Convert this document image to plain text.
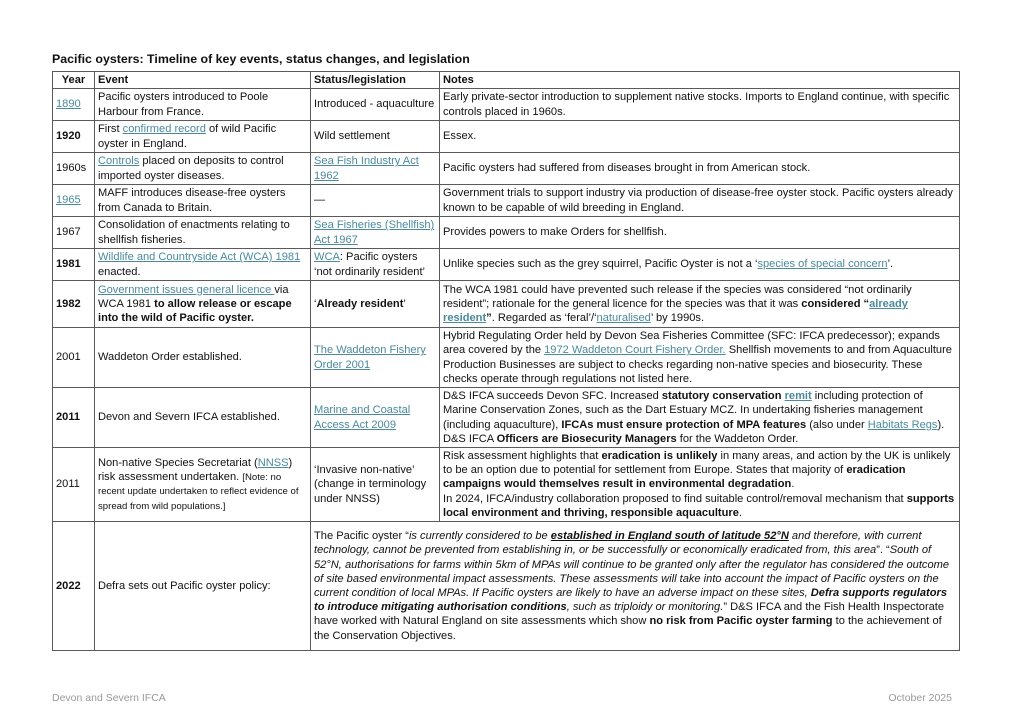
Pacific oysters: Timeline of key events, status changes, and legislation
Year	Event	Status/legislation	Notes
1890	Pacific oysters introduced to Poole Harbour from France.	Introduced - aquaculture	Early private-sector introduction to supplement native stocks. Imports to England continue, with specific controls placed in 1960s.
1920	First confirmed record of wild Pacific oyster in England.	Wild settlement	Essex.
1960s	Controls placed on deposits to control imported oyster diseases.	Sea Fish Industry Act 1962	Pacific oysters had suffered from diseases brought in from American stock.
1965	MAFF introduces disease-free oysters from Canada to Britain.	—	Government trials to support industry via production of disease-free oyster stock. Pacific oysters already known to be capable of wild breeding in England.
1967	Consolidation of enactments relating to shellfish fisheries.	Sea Fisheries (Shellfish) Act 1967	Provides powers to make Orders for shellfish.
1981	Wildlife and Countryside Act (WCA) 1981 enacted.	WCA: Pacific oysters ‘not ordinarily resident’	Unlike species such as the grey squirrel, Pacific Oyster is not a ‘species of special concern’.
1982	Government issues general licence via WCA 1981 to allow release or escape into the wild of Pacific oyster.	‘Already resident’	The WCA 1981 could have prevented such release if the species was considered “not ordinarily resident”; rationale for the general licence for the species was that it was considered “already resident”. Regarded as ‘feral’/‘naturalised’ by 1990s.
2001	Waddeton Order established.	The Waddeton Fishery Order 2001	Hybrid Regulating Order held by Devon Sea Fisheries Committee (SFC: IFCA predecessor); expands area covered by the 1972 Waddeton Court Fishery Order. Shellfish movements to and from Aquaculture Production Businesses are subject to checks regarding non-native species and biosecurity. These checks operate through regulations not listed here.
2011	Devon and Severn IFCA established.	Marine and Coastal Access Act 2009	D&S IFCA succeeds Devon SFC. Increased statutory conservation remit including protection of Marine Conservation Zones, such as the Dart Estuary MCZ. In undertaking fisheries management (including aquaculture), IFCAs must ensure protection of MPA features (also under Habitats Regs). D&S IFCA Officers are Biosecurity Managers for the Waddeton Order.
2011	Non-native Species Secretariat (NNSS) risk assessment undertaken. [Note: no recent update undertaken to reflect evidence of spread from wild populations.]	‘Invasive non-native’ (change in terminology under NNSS)	Risk assessment highlights that eradication is unlikely in many areas, and action by the UK is unlikely to be an option due to potential for settlement from Europe. States that majority of eradication campaigns would themselves result in environmental degradation.
In 2024, IFCA/industry collaboration proposed to find suitable control/removal mechanism that supports local environment and thriving, responsible aquaculture.
2022	Defra sets out Pacific oyster policy:	The Pacific oyster “is currently considered to be established in England south of latitude 52°N and therefore, with current technology, cannot be prevented from establishing in, or be successfully or economically eradicated from, this area”. “South of 52°N, authorisations for farms within 5km of MPAs will continue to be granted only after the regulator has considered the outcome of site based environmental impact assessments. These assessments will take into account the impact of Pacific oysters on the current condition of local MPAs. If Pacific oysters are likely to have an adverse impact on these sites, Defra supports regulators to introduce mitigating authorisation conditions, such as triploidy or monitoring.” D&S IFCA and the Fish Health Inspectorate have worked with Natural England on site assessments which show no risk from Pacific oyster farming to the achievement of the Conservation Objectives.	
Devon and Severn IFCA	October 2025
